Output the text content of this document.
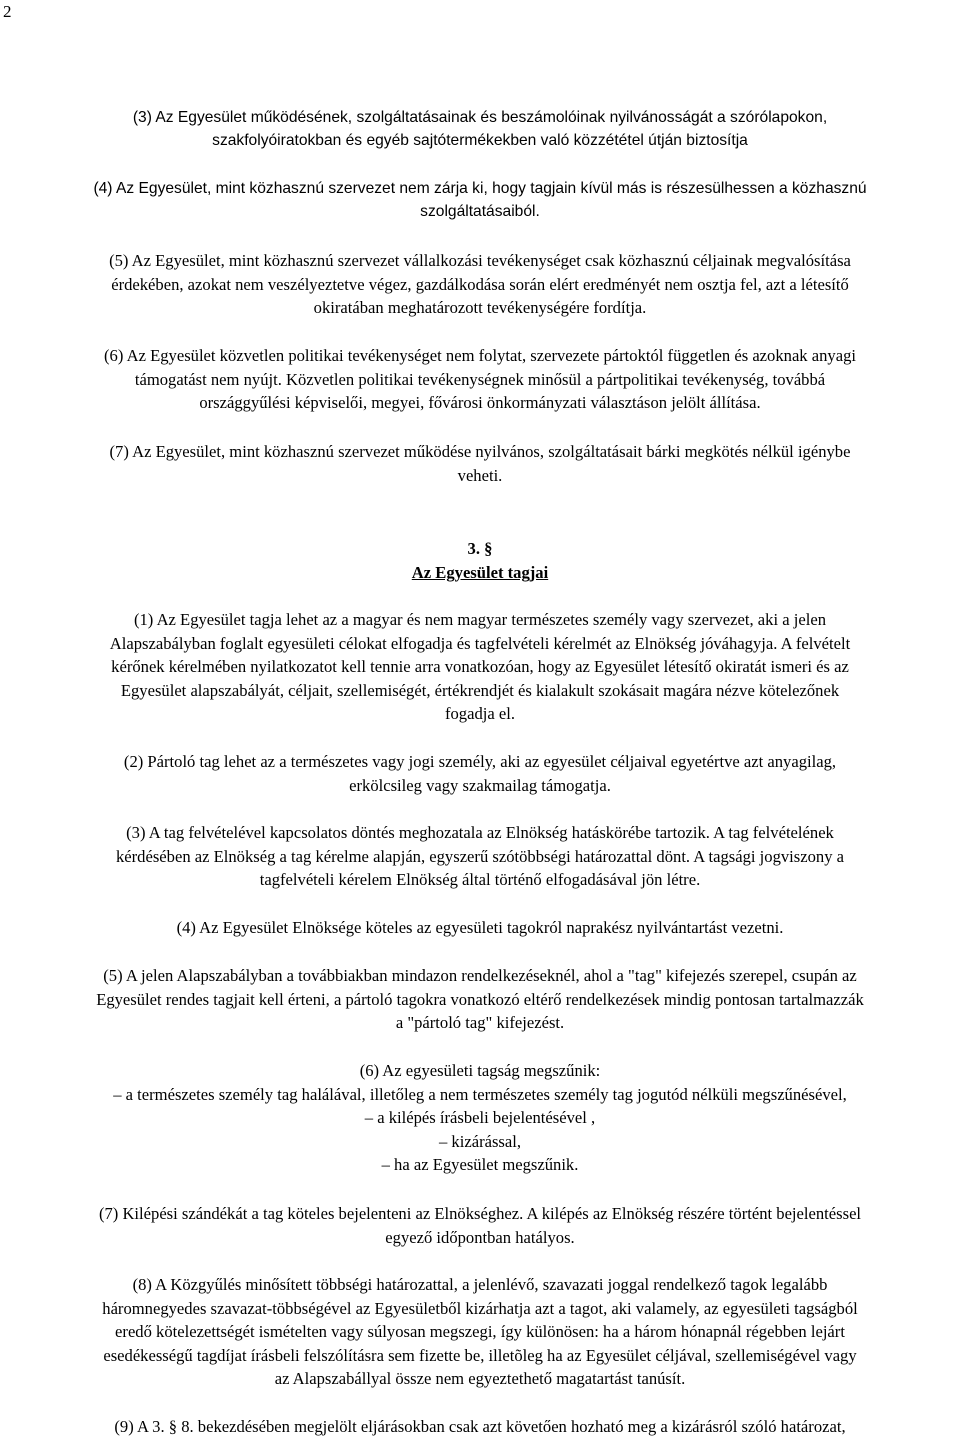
2
(3) Az Egyesület működésének, szolgáltatásainak és beszámolóinak nyilvánosságát a szórólapokon,
szakfolyóiratokban és egyéb sajtótermékekben való közzététel útján biztosítja
(4) Az Egyesület, mint közhasznú szervezet nem zárja ki, hogy tagjain kívül más is részesülhessen a közhasznú
szolgáltatásaiból.
(5) Az Egyesület, mint közhasznú szervezet vállalkozási tevékenységet csak közhasznú céljainak megvalósítása
érdekében, azokat nem veszélyeztetve végez, gazdálkodása során elért eredményét nem osztja fel, azt a létesítő
okiratában meghatározott tevékenységére fordítja.
(6) Az Egyesület közvetlen politikai tevékenységet nem folytat, szervezete pártoktól független és azoknak anyagi
támogatást nem nyújt. Közvetlen politikai tevékenységnek minősül a pártpolitikai tevékenység, továbbá
országgyűlési képviselői, megyei, fővárosi önkormányzati választáson jelölt állítása.
(7) Az Egyesület, mint közhasznú szervezet működése nyilvános, szolgáltatásait bárki megkötés nélkül igénybe
veheti.
3. §
Az Egyesület tagjai
(1) Az Egyesület tagja lehet az a magyar és nem magyar természetes személy vagy szervezet, aki a jelen
Alapszabályban foglalt egyesületi célokat elfogadja és tagfelvételi kérelmét az Elnökség jóváhagyja. A felvételt
kérőnek kérelmében nyilatkozatot kell tennie arra vonatkozóan, hogy az Egyesület létesítő okiratát ismeri és az
Egyesület alapszabályát, céljait, szellemiségét, értékrendjét és kialakult szokásait magára nézve kötelezőnek
fogadja el.
(2) Pártoló tag lehet az a természetes vagy jogi személy, aki az egyesület céljaival egyetértve azt anyagilag,
erkölcsileg vagy szakmailag támogatja.
(3) A tag felvételével kapcsolatos döntés meghozatala az Elnökség hatáskörébe tartozik. A tag felvételének
kérdésében az Elnökség a tag kérelme alapján, egyszerű szótöbbségi határozattal dönt. A tagsági jogviszony a
tagfelvételi kérelem Elnökség által történő elfogadásával jön létre.
(4) Az Egyesület Elnöksége köteles az egyesületi tagokról naprakész nyilvántartást vezetni.
(5) A jelen Alapszabályban a továbbiakban mindazon rendelkezéseknél, ahol a "tag" kifejezés szerepel, csupán az
Egyesület rendes tagjait kell érteni, a pártoló tagokra vonatkozó eltérő rendelkezések mindig pontosan tartalmazzák
a "pártoló tag" kifejezést.
(6) Az egyesületi tagság megszűnik:
– a természetes személy tag halálával, illetőleg a nem természetes személy tag jogutód nélküli megszűnésével,
– a kilépés írásbeli bejelentésével ,
– kizárással,
– ha az Egyesület megszűnik.
(7) Kilépési szándékát a tag köteles bejelenteni az Elnökséghez. A kilépés az Elnökség részére történt bejelentéssel
egyező időpontban hatályos.
(8) A Közgyűlés minősített többségi határozattal, a jelenlévő, szavazati joggal rendelkező tagok legalább
háromnegyedes szavazat-többségével az Egyesületből kizárhatja azt a tagot, aki valamely, az egyesületi tagságból
eredő kötelezettségét ismételten vagy súlyosan megszegi, így különösen: ha a három hónapnál régebben lejárt
esedékességű tagdíjat írásbeli felszólításra sem fizette be, illetõleg ha az Egyesület céljával, szellemiségével vagy
az Alapszabállyal össze nem egyeztethető magatartást tanúsít.
(9) A 3. § 8. bekezdésében megjelölt eljárásokban csak azt követően hozható meg a kizárásról szóló határozat,
